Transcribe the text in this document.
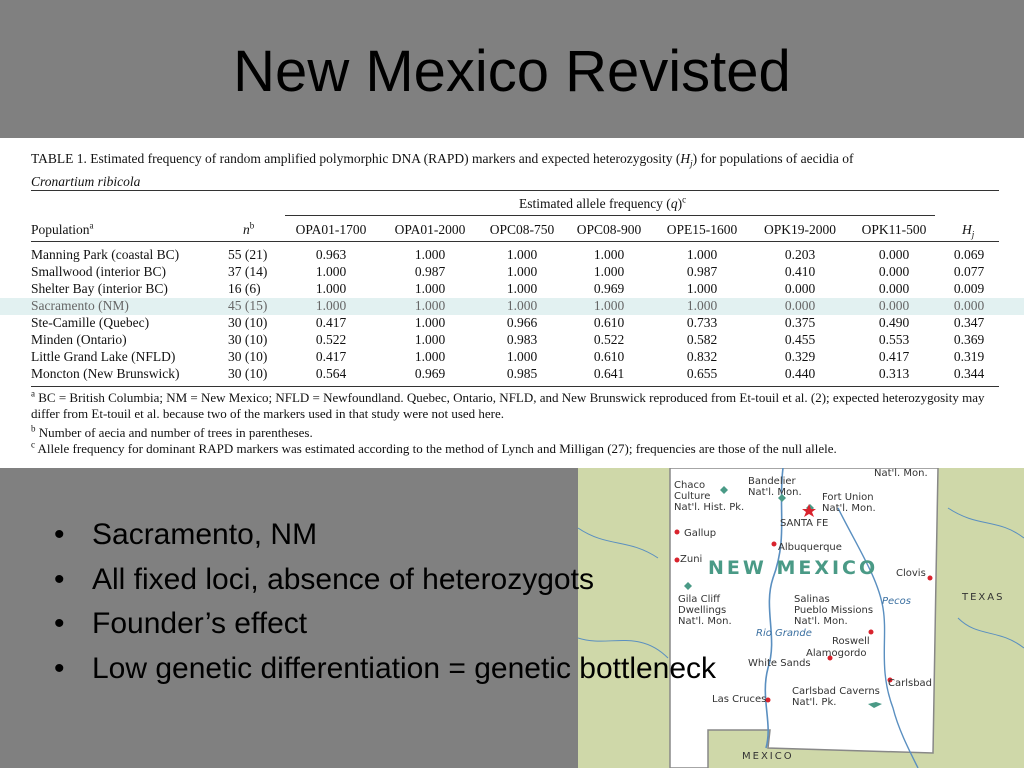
New Mexico Revisted
TABLE 1. Estimated frequency of random amplified polymorphic DNA (RAPD) markers and expected heterozygosity $(H_j)$ for populations of aecidia of
Cronartium ribicola
Estimated allele frequency $(q)^c$
Population$^a$	$n^b$	OPA01-1700	OPA01-2000	OPC08-750	OPC08-900	OPE15-1600	OPK19-2000	OPK11-500	$H_j$
Manning Park (coastal BC)	55 (21)	0.963	1.000	1.000	1.000	1.000	0.203	0.000	0.069
Smallwood (interior BC)	37 (14)	1.000	0.987	1.000	1.000	0.987	0.410	0.000	0.077
Shelter Bay (interior BC)	16 (6)	1.000	1.000	1.000	0.969	1.000	0.000	0.000	0.009
Sacramento (NM)	45 (15)	1.000	1.000	1.000	1.000	1.000	0.000	0.000	0.000
Ste-Camille (Quebec)	30 (10)	0.417	1.000	0.966	0.610	0.733	0.375	0.490	0.347
Minden (Ontario)	30 (10)	0.522	1.000	0.983	0.522	0.582	0.455	0.553	0.369
Little Grand Lake (NFLD)	30 (10)	0.417	1.000	1.000	0.610	0.832	0.329	0.417	0.319
Moncton (New Brunswick)	30 (10)	0.564	0.969	0.985	0.641	0.655	0.440	0.313	0.344
$^a$ BC = British Columbia; NM = New Mexico; NFLD = Newfoundland. Quebec, Ontario, NFLD, and New Brunswick reproduced from Et-touil et al. (2); expected heterozygosity may differ from Et-touil et al. because two of the markers used in that study were not used here.
$^b$ Number of aecia and number of trees in parentheses.
$^c$ Allele frequency for dominant RAPD markers was estimated according to the method of Lynch and Milligan (27); frequencies are those of the null allele.
Nat'l. Mon.
Chaco
Culture
Nat'l. Hist. Pk.
Bandelier
Nat'l. Mon. Fort Union
Nat'l. Mon.
SANTA FE
Gallup
Albuquerque
Zuni NEW MEXICO Clovis
TEXAS
Gila Cliff
Dwellings
Nat'l. Mon.
Salinas
Pueblo Missions
Nat'l. Mon.
Pecos
Rio Grande
Roswell
Alamogordo
White Sands
Carlsbad
Carlsbad Caverns
Nat'l. Pk.
Las Cruces
MEXICO
• Sacramento, NM
• All fixed loci, absence of heterozygots
• Founder’s effect
• Low genetic differentiation = genetic bottleneck
